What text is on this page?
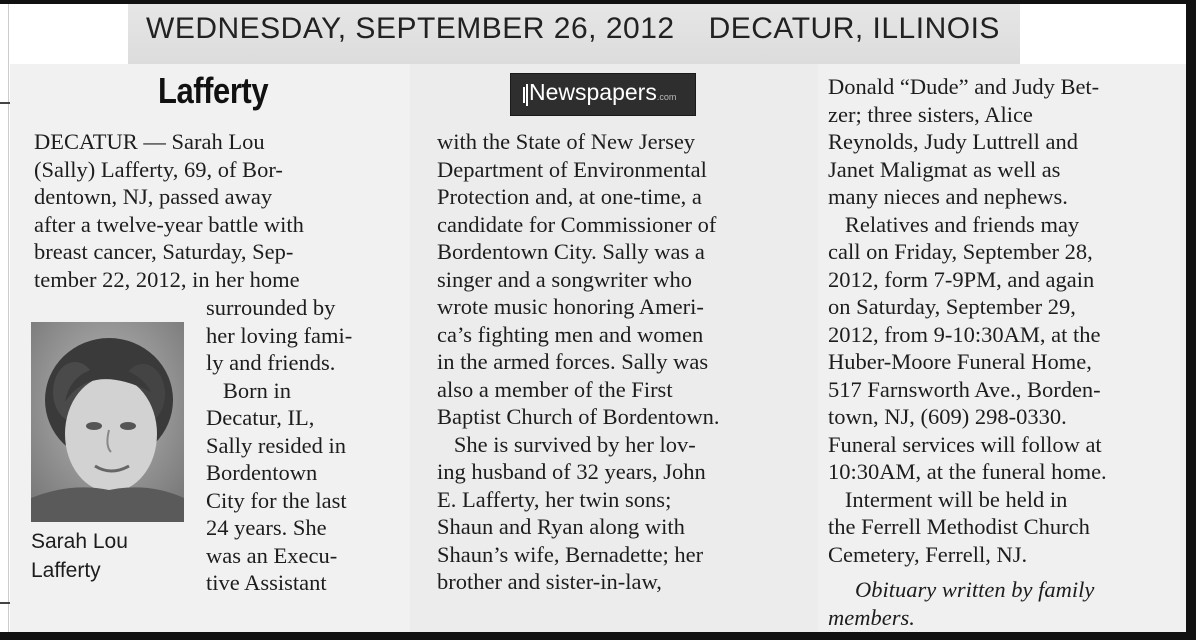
WEDNESDAY, SEPTEMBER 26, 2012 DECATUR, ILLINOIS
Lafferty	Newspapers.com

DECATUR — Sarah Lou
(Sally) Lafferty, 69, of Bor-
dentown, NJ, passed away
after a twelve-year battle with
breast cancer, Saturday, Sep-
tember 22, 2012, in her home

surrounded by
her loving fami-
ly and friends.
Born in
Decatur, IL,
Sally resided in
Bordentown
City for the last
24 years. She
was an Execu-
tive Assistant

Sarah Lou
Lafferty

with the State of New Jersey
Department of Environmental
Protection and, at one-time, a
candidate for Commissioner of
Bordentown City. Sally was a
singer and a songwriter who
wrote music honoring Ameri-
ca’s fighting men and women
in the armed forces. Sally was
also a member of the First
Baptist Church of Bordentown.
She is survived by her lov-
ing husband of 32 years, John
E. Lafferty, her twin sons;
Shaun and Ryan along with
Shaun’s wife, Bernadette; her
brother and sister-in-law,

Donald “Dude” and Judy Bet-
zer; three sisters, Alice
Reynolds, Judy Luttrell and
Janet Maligmat as well as
many nieces and nephews.
Relatives and friends may
call on Friday, September 28,
2012, form 7-9PM, and again
on Saturday, September 29,
2012, from 9-10:30AM, at the
Huber-Moore Funeral Home,
517 Farnsworth Ave., Borden-
town, NJ, (609) 298-0330.
Funeral services will follow at
10:30AM, at the funeral home.
Interment will be held in
the Ferrell Methodist Church
Cemetery, Ferrell, NJ.

Obituary written by family

members.
